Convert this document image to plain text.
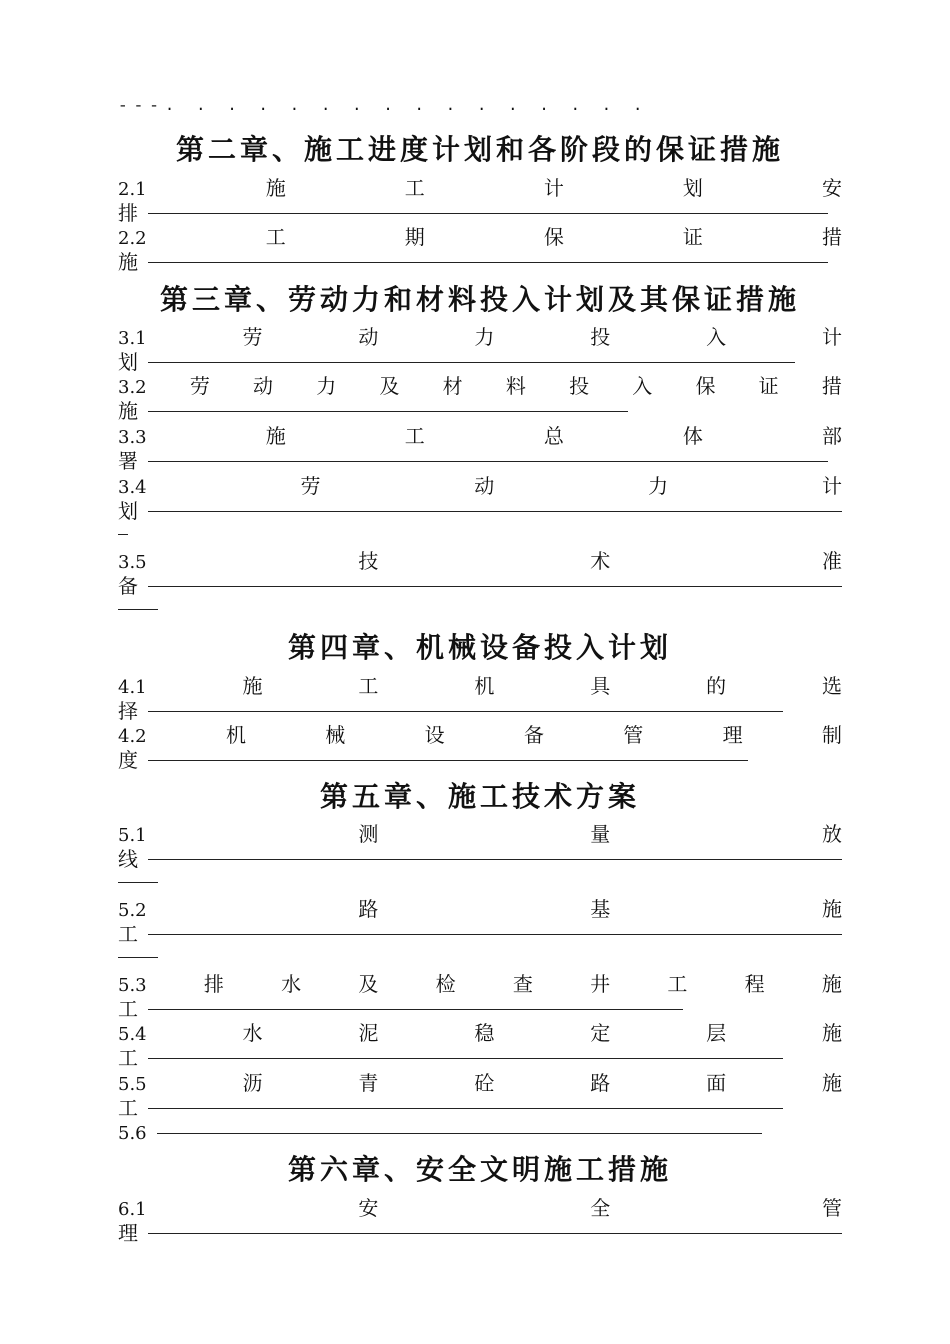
---. . . . . . . . . . . . . . . .
第二章、施工进度计划和各阶段的保证措施
2.1	施	工	计	划	安
排
2.2	工	期	保	证	措
施
第三章、劳动力和材料投入计划及其保证措施
3.1	劳	动	力	投	入	计
划
3.2 劳 动 力 及 材 料 投 入 保 证 措
施
3.3	施	工	总	体	部
署
3.4	劳	动	力	计
划
3.5	技	术	准
备
第四章、机械设备投入计划
4.1	施	工	机	具	的	选
择
4.2	机	械	设	备	管	理	制
度
第五章、施工技术方案
5.1	测	量	放
线
5.2	路	基	施
工
5.3	排	水	及	检	查	井	工	程	施
工
5.4	水	泥	稳	定	层	施
工
5.5	沥	青	砼	路	面	施
工
5.6
第六章、安全文明施工措施
6.1	安	全	管
理
